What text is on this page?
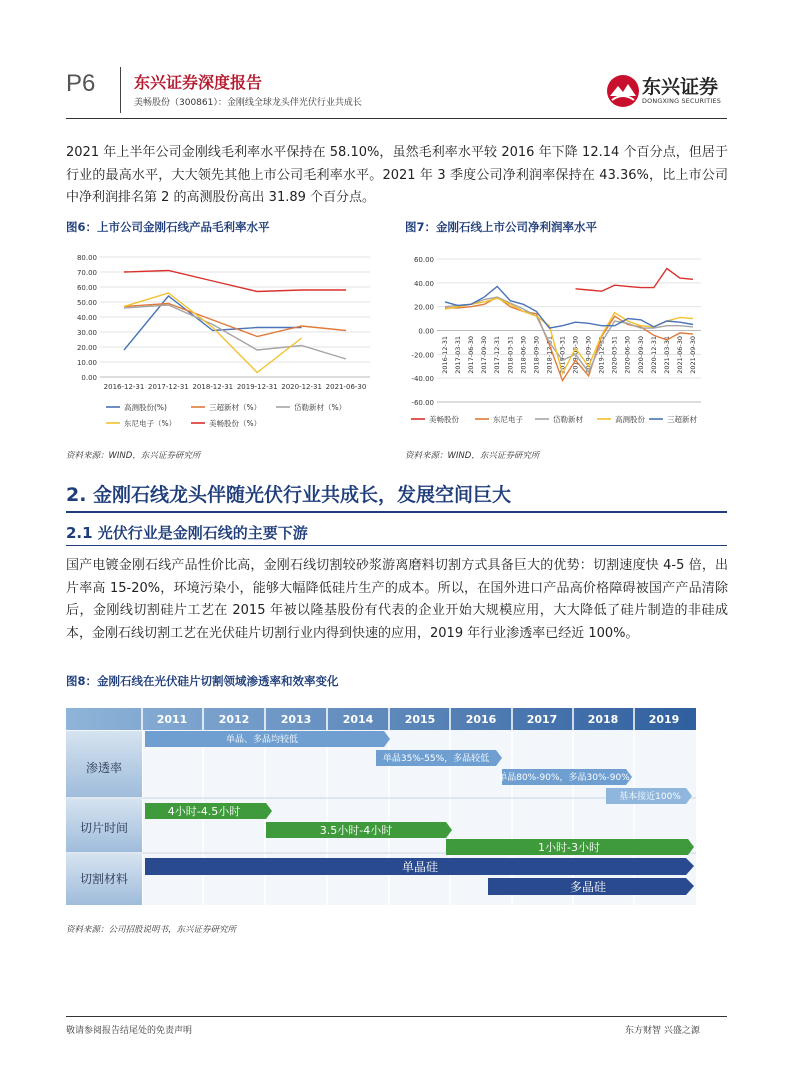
P6 东兴证券深度报告
美畅股份（300861）：金刚线全球龙头伴光伏行业共成长
东兴证券
DONGXING SECURITIES
2021 年上半年公司金刚线毛利率水平保持在 58.10%，虽然毛利率水平较 2016 年下降 12.14 个百分点，但居于行业的最高水平，大大领先其他上市公司毛利率水平。2021 年 3 季度公司净利润率保持在 43.36%，比上市公司中净利润排名第 2 的高测股份高出 31.89 个百分点。
图6：上市公司金刚石线产品毛利率水平
0.00
10.00
20.00
30.00
40.00
50.00
60.00
70.00
80.00
2016-12-31 2017-12-31 2018-12-31 2019-12-31 2020-12-31 2021-06-30
高测股份(%)	三超新材（%）	岱勒新材（%）
东尼电子（%）	美畅股份（%）
资料来源：WIND，东兴证券研究所
图7：金刚石线上市公司净利润率水平
-60.00
-40.00
-20.00
0.00
20.00
40.00
60.00
2016-12-31 2017-03-31 2017-06-30 2017-09-30 2017-12-31 2018-03-31 2018-06-30 2018-09-30 2018-12-31 2019-03-31 2019-06-30 2019-09-30 2019-12-31 2020-03-31 2020-06-30 2020-09-30 2020-12-31 2021-03-31 2021-06-30 2021-09-30
美畅股份	东尼电子	岱勒新材	高测股份	三超新材
资料来源：WIND，东兴证券研究所
2. 金刚石线龙头伴随光伏行业共成长，发展空间巨大
2.1 光伏行业是金刚石线的主要下游
国产电镀金刚石线产品性价比高，金刚石线切割较砂浆游离磨料切割方式具备巨大的优势：切割速度快 4-5 倍，出片率高 15-20%，环境污染小，能够大幅降低硅片生产的成本。所以，在国外进口产品高价格障碍被国产产品清除后，金刚线切割硅片工艺在 2015 年被以隆基股份有代表的企业开始大规模应用，大大降低了硅片制造的非硅成本，金刚石线切割工艺在光伏硅片切割行业内得到快速的应用，2019 年行业渗透率已经近 100%。
图8：金刚石线在光伏硅片切割领域渗透率和效率变化
2011	2012	2013	2014	2015	2016	2017	2018	2019
渗透率
切片时间
切割材料
单晶、多晶均较低
单晶35%-55%，多晶较低
单晶80%-90%，多晶30%-90%
基本接近100%
4小时-4.5小时
3.5小时-4小时
1小时-3小时
单晶硅
多晶硅
资料来源：公司招股说明书，东兴证券研究所
敬请参阅报告结尾处的免责声明	东方财智 兴盛之源
